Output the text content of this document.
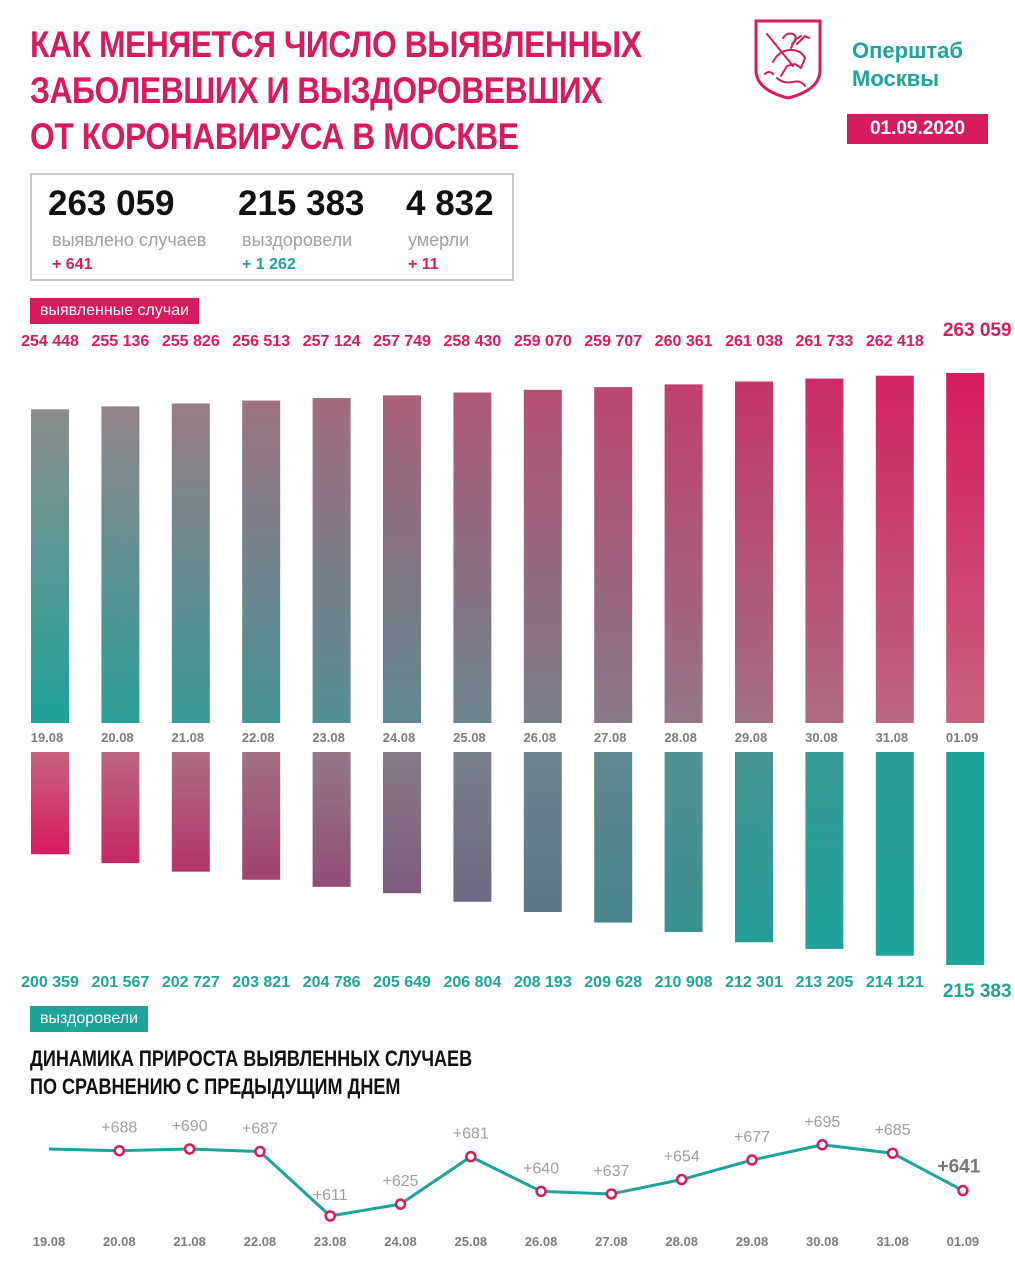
КАК МЕНЯЕТСЯ ЧИСЛО ВЫЯВЛЕННЫХ
ЗАБОЛЕВШИХ И ВЫЗДОРОВЕВШИХ
ОТ КОРОНАВИРУСА В МОСКВЕ
Оперштаб
Москвы
01.09.2020
263 059
выявлено случаев
+ 641
215 383
выздоровели
+ 1 262
4 832
умерли
+ 11
выявленные случаи
выздоровели
ДИНАМИКА ПРИРОСТА ВЫЯВЛЕННЫХ СЛУЧАЕВ
ПО СРАВНЕНИЮ С ПРЕДЫДУЩИМ ДНЕМ
254 448
19.08
255 136
20.08
255 826
21.08
256 513
22.08
257 124
23.08
257 749
24.08
258 430
25.08
259 070
26.08
259 707
27.08
260 361
28.08
261 038
29.08
261 733
30.08
262 418
31.08
263 059
01.09
200 359 201 567 202 727 203 821 204 786 205 649 206 804 208 193 209 628 210 908 212 301 213 205 214 121 215 383
19.08
+688
20.08
+690
21.08
+687
22.08
+611
23.08
+625
24.08
+681
25.08
+640
26.08
+637
27.08
+654
28.08
+677
29.08
+695
30.08
+685
31.08
+641
01.09
